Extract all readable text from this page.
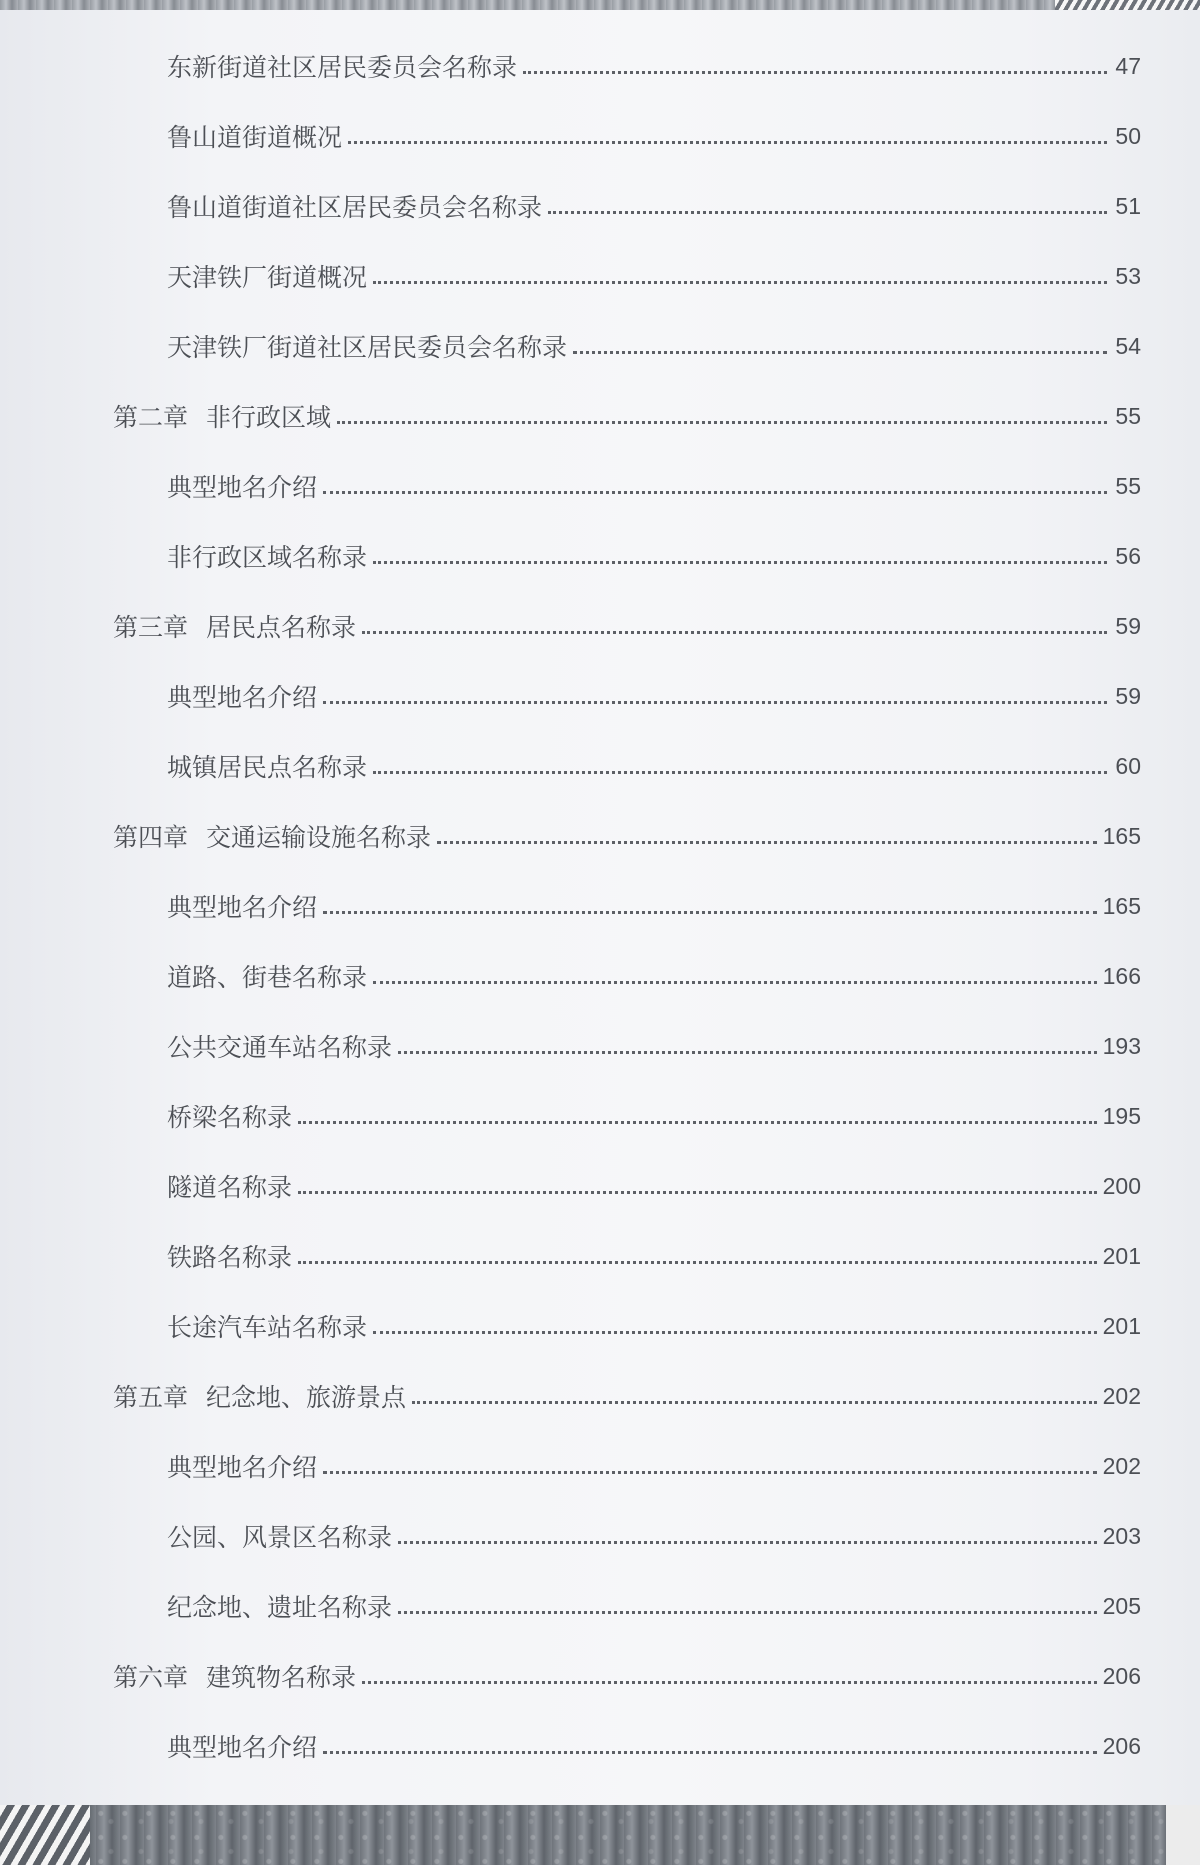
东新街道社区居民委员会名称录	47
鲁山道街道概况	50
鲁山道街道社区居民委员会名称录	51
天津铁厂街道概况	53
天津铁厂街道社区居民委员会名称录	54
第二章 非行政区域	55
典型地名介绍	55
非行政区域名称录	56
第三章 居民点名称录	59
典型地名介绍	59
城镇居民点名称录	60
第四章 交通运输设施名称录	165
典型地名介绍	165
道路、街巷名称录	166
公共交通车站名称录	193
桥梁名称录	195
隧道名称录	200
铁路名称录	201
长途汽车站名称录	201
第五章 纪念地、旅游景点	202
典型地名介绍	202
公园、风景区名称录	203
纪念地、遗址名称录	205
第六章 建筑物名称录	206
典型地名介绍	206
